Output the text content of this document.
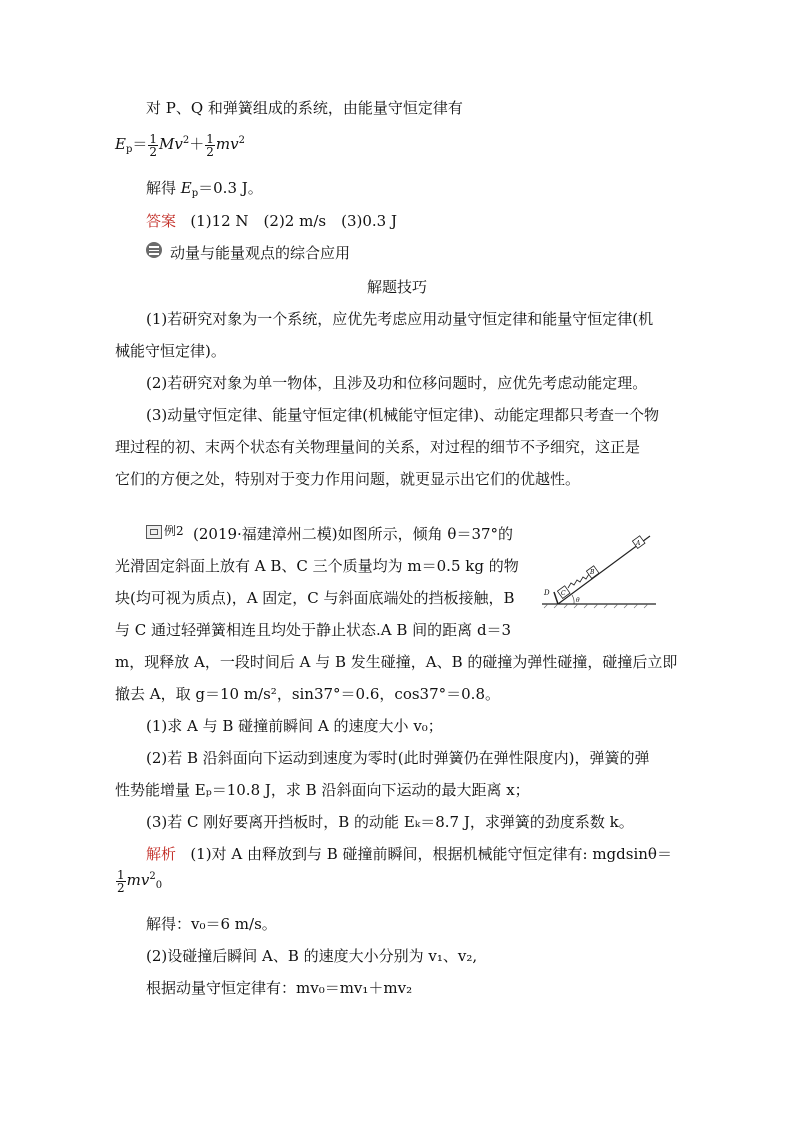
对 P、Q 和弹簧组成的系统，由能量守恒定律有
$E_p= \frac{1}{2} Mv^2+ \frac{1}{2} mv^2$
解得 $E_p=0.3$ J。
答案 (1)12 N　(2)2 m/s　(3)0.3 J
动量与能量观点的综合应用
解题技巧
(1)若研究对象为一个系统，应优先考虑应用动量守恒定律和能量守恒定律(机
械能守恒定律)。
(2)若研究对象为单一物体，且涉及功和位移问题时，应优先考虑动能定理。
(3)动量守恒定律、能量守恒定律(机械能守恒定律)、动能定理都只考查一个物
理过程的初、末两个状态有关物理量间的关系，对过程的细节不予细究，这正是
它们的方便之处，特别对于变力作用问题，就更显示出它们的优越性。
例2 (2019·福建漳州二模)如图所示，倾角 θ＝37°的
光滑固定斜面上放有 A B、C 三个质量均为 m＝0.5 kg 的物
块(均可视为质点)，A 固定，C 与斜面底端处的挡板接触，B
与 C 通过轻弹簧相连且均处于静止状态.A B 间的距离 d＝3
m，现释放 A，一段时间后 A 与 B 发生碰撞，A、B 的碰撞为弹性碰撞，碰撞后立即
撤去 A，取 g＝10 m/s²，sin37°＝0.6，cos37°＝0.8。
D C
B
A
θ
(1)求 A 与 B 碰撞前瞬间 A 的速度大小 v₀；
(2)若 B 沿斜面向下运动到速度为零时(此时弹簧仍在弹性限度内)，弹簧的弹
性势能增量 Eₚ＝10.8 J，求 B 沿斜面向下运动的最大距离 x；
(3)若 C 刚好要离开挡板时，B 的动能 Eₖ＝8.7 J，求弹簧的劲度系数 k。
解析 (1)对 A 由释放到与 B 碰撞前瞬间，根据机械能守恒定律有: mgdsinθ＝
$\frac{1}{2} mv^2_0$
解得：v₀＝6 m/s。
(2)设碰撞后瞬间 A、B 的速度大小分别为 v₁、v₂,
根据动量守恒定律有：mv₀＝mv₁＋mv₂
